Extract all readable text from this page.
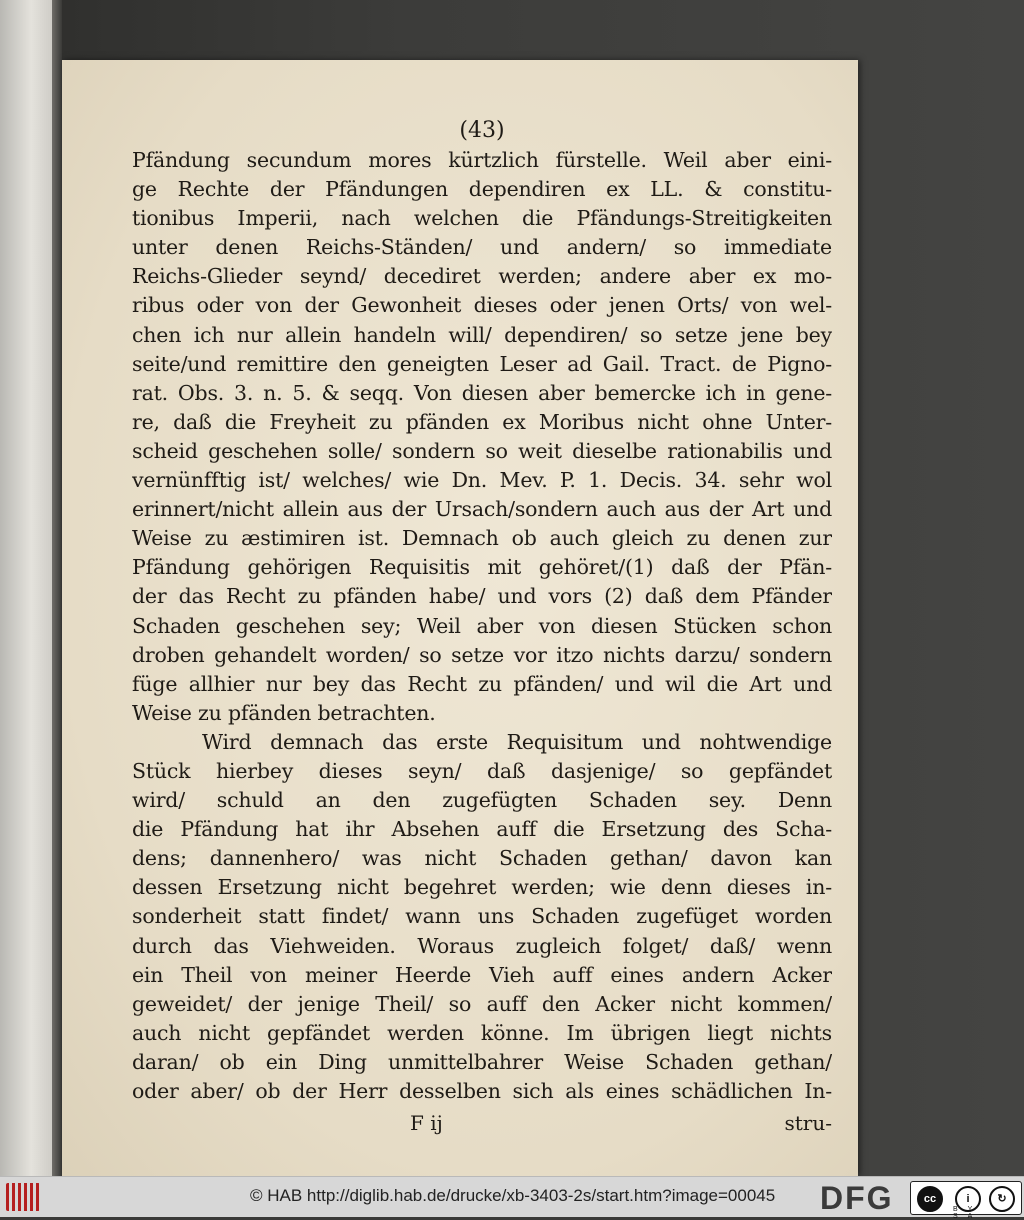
(43)
Pfändung secundum mores kürtzlich fürstelle. Weil aber eini-
ge Rechte der Pfändungen dependiren ex LL. & constitu-
tionibus Imperii, nach welchen die Pfändungs-Streitigkeiten
unter denen Reichs-Ständen/ und andern/ so immediate
Reichs-Glieder seynd/ decediret werden; andere aber ex mo-
ribus oder von der Gewonheit dieses oder jenen Orts/ von wel-
chen ich nur allein handeln will/ dependiren/ so setze jene bey
seite/und remittire den geneigten Leser ad Gail. Tract. de Pigno-
rat. Obs. 3. n. 5. & seqq. Von diesen aber bemercke ich in gene-
re, daß die Freyheit zu pfänden ex Moribus nicht ohne Unter-
scheid geschehen solle/ sondern so weit dieselbe rationabilis und
vernünfftig ist/ welches/ wie Dn. Mev. P. 1. Decis. 34. sehr wol
erinnert/nicht allein aus der Ursach/sondern auch aus der Art und
Weise zu æstimiren ist. Demnach ob auch gleich zu denen zur
Pfändung gehörigen Requisitis mit gehöret/(1) daß der Pfän-
der das Recht zu pfänden habe/ und vors (2) daß dem Pfänder
Schaden geschehen sey; Weil aber von diesen Stücken schon
droben gehandelt worden/ so setze vor itzo nichts darzu/ sondern
füge allhier nur bey das Recht zu pfänden/ und wil die Art und
Weise zu pfänden betrachten.
Wird demnach das erste Requisitum und nohtwendige
Stück hierbey dieses seyn/ daß dasjenige/ so gepfändet
wird/ schuld an den zugefügten Schaden sey. Denn
die Pfändung hat ihr Absehen auff die Ersetzung des Scha-
dens; dannenhero/ was nicht Schaden gethan/ davon kan
dessen Ersetzung nicht begehret werden; wie denn dieses in-
sonderheit statt findet/ wann uns Schaden zugefüget worden
durch das Viehweiden. Woraus zugleich folget/ daß/ wenn
ein Theil von meiner Heerde Vieh auff eines andern Acker
geweidet/ der jenige Theil/ so auff den Acker nicht kommen/
auch nicht gepfändet werden könne. Im übrigen liegt nichts
daran/ ob ein Ding unmittelbahrer Weise Schaden gethan/
oder aber/ ob der Herr desselben sich als eines schädlichen In-
F ij	stru-
© HAB http://diglib.hab.de/drucke/xb-3403-2s/start.htm?image=00045 DFG	cc	i	↻
BY SA
